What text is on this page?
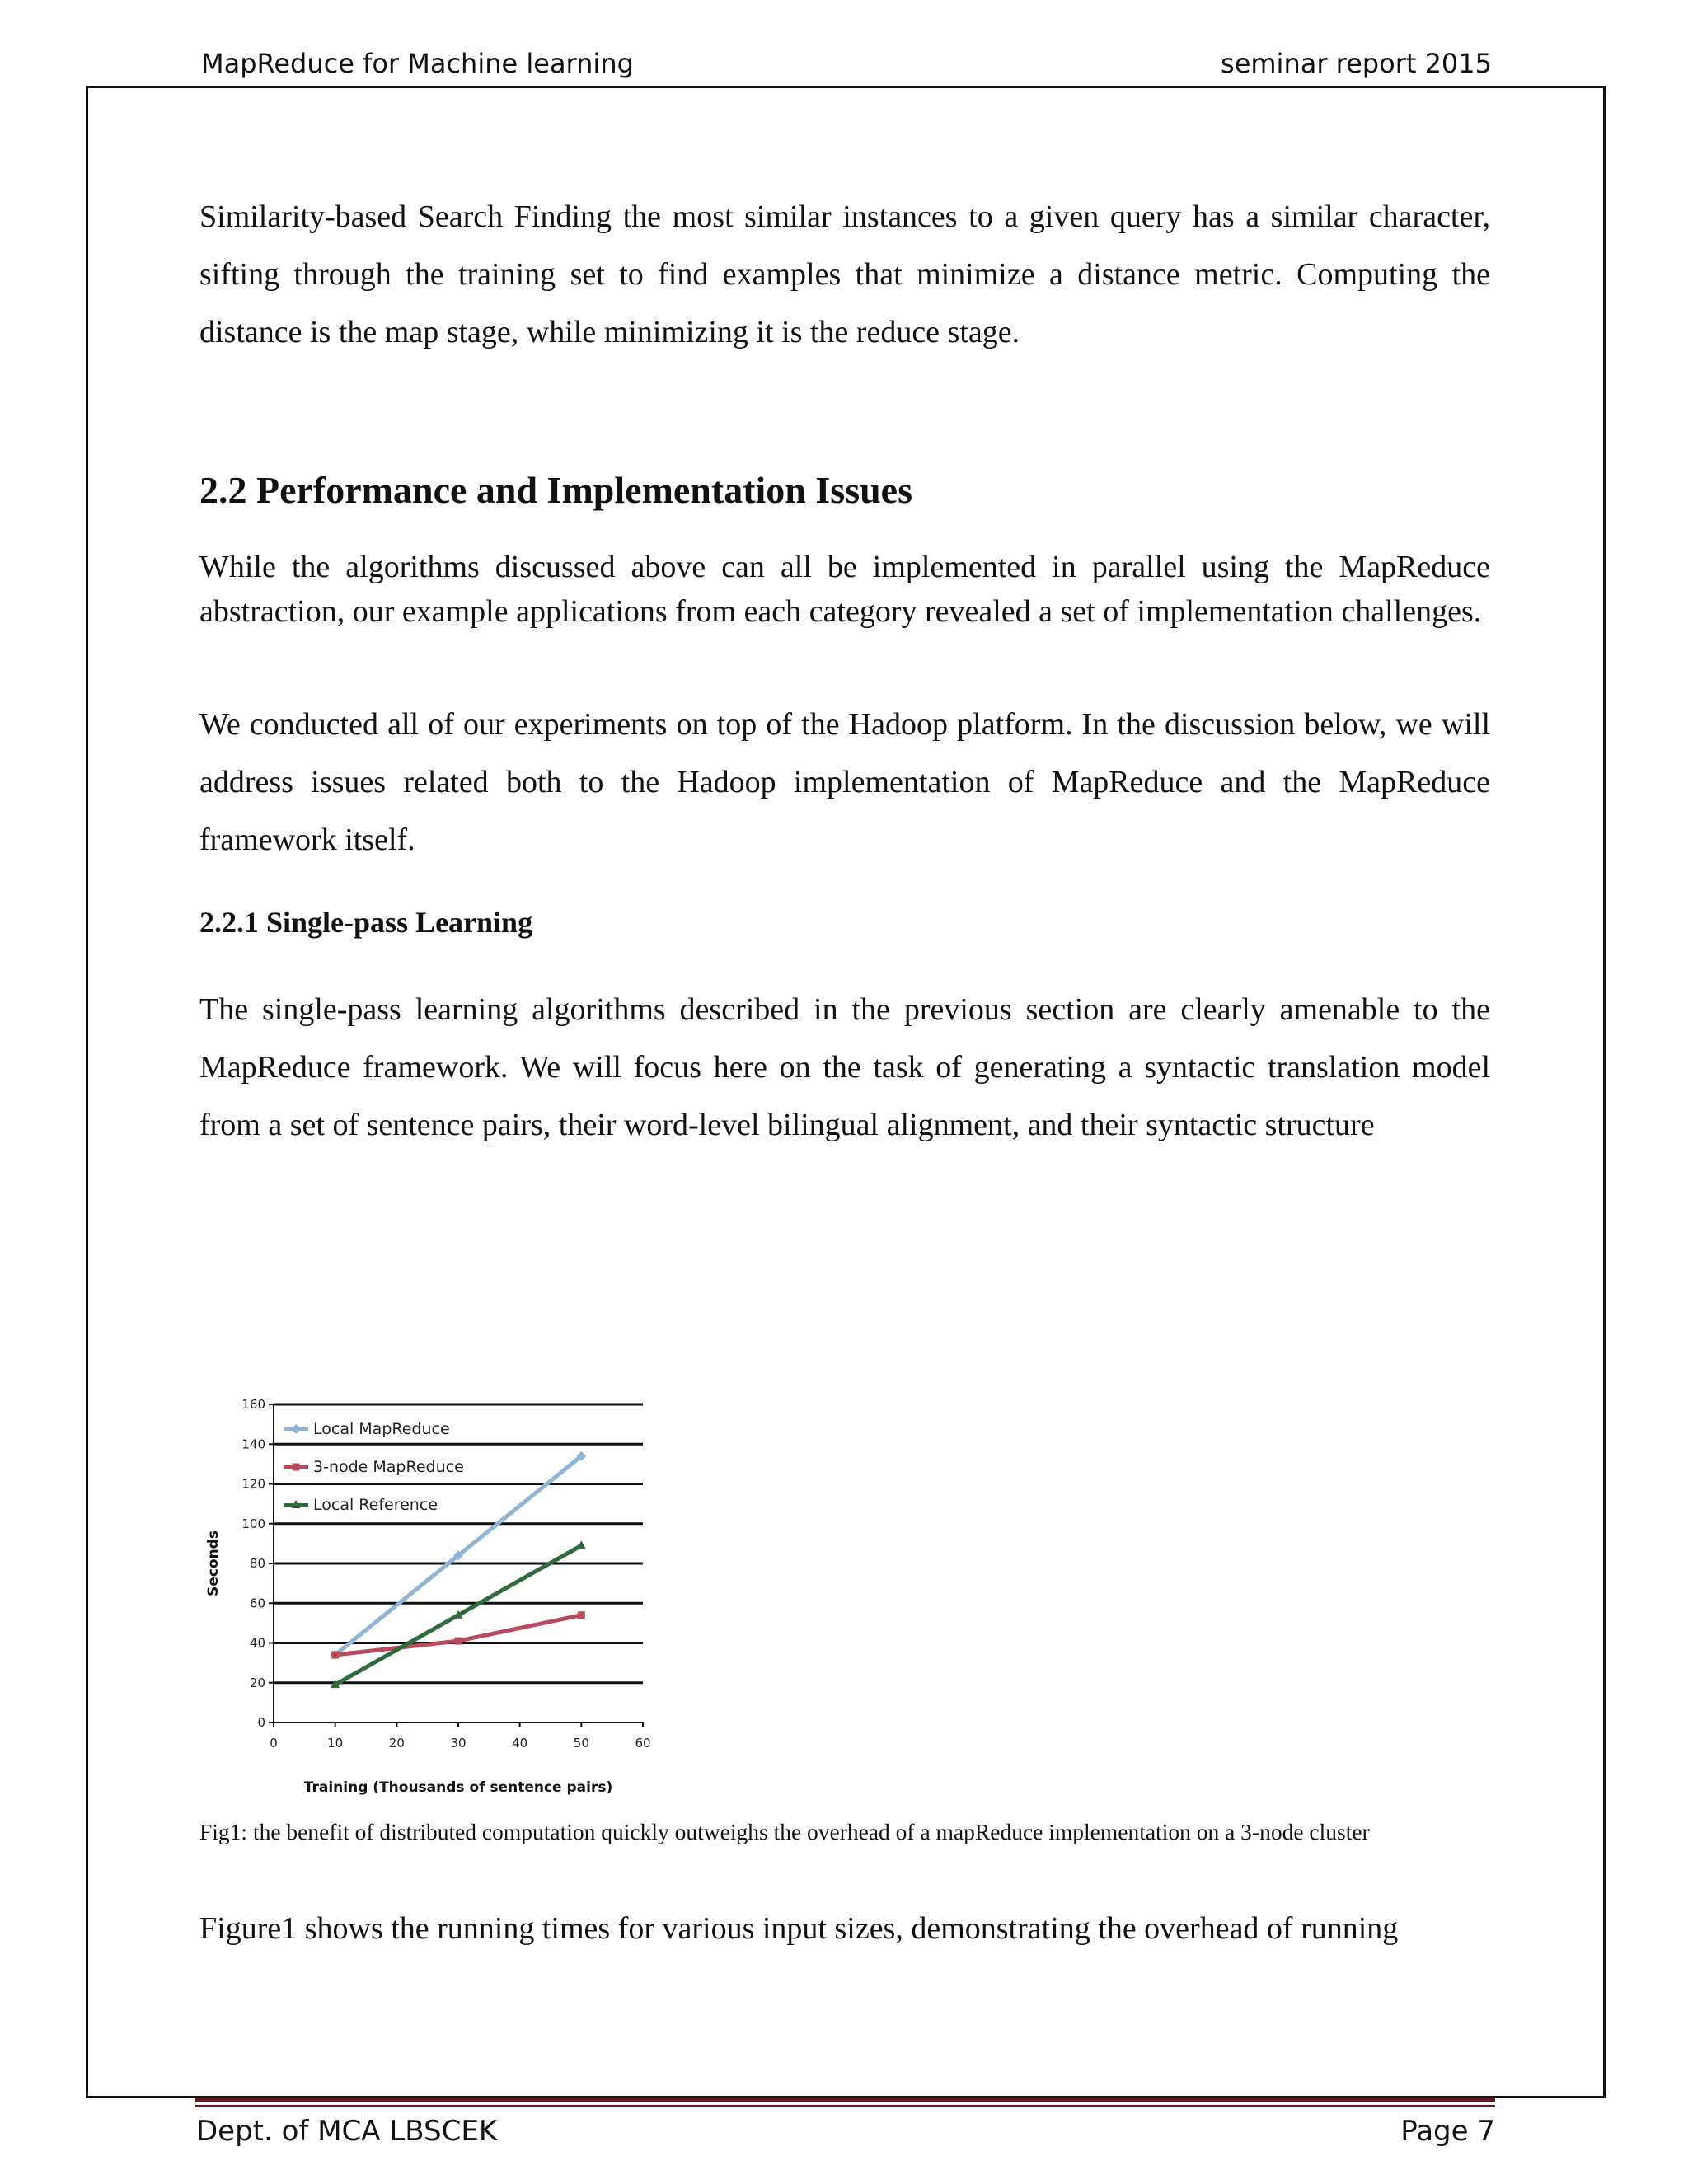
MapReduce for Machine learning	seminar report 2015
Similarity-based Search Finding the most similar instances to a given query has a similar character, sifting through the training set to find examples that minimize a distance metric. Computing the distance is the map stage, while minimizing it is the reduce stage.
2.2 Performance and Implementation Issues
While the algorithms discussed above can all be implemented in parallel using the MapReduce abstraction, our example applications from each category revealed a set of implementation challenges.
We conducted all of our experiments on top of the Hadoop platform. In the discussion below, we will address issues related both to the Hadoop implementation of MapReduce and the MapReduce framework itself.
2.2.1 Single-pass Learning
The single-pass learning algorithms described in the previous section are clearly amenable to the MapReduce framework. We will focus here on the task of generating a syntactic translation model from a set of sentence pairs, their word-level bilingual alignment, and their syntactic structure
0
20
40
60
80
100
120
140
160
0	10	20	30	40	50	60
Training (Thousands of sentence pairs)
Seconds
Local MapReduce
3-node MapReduce
Local Reference
Fig1: the benefit of distributed computation quickly outweighs the overhead of a mapReduce implementation on a 3-node cluster
Figure1 shows the running times for various input sizes, demonstrating the overhead of running
Dept. of MCA LBSCEK	Page 7
